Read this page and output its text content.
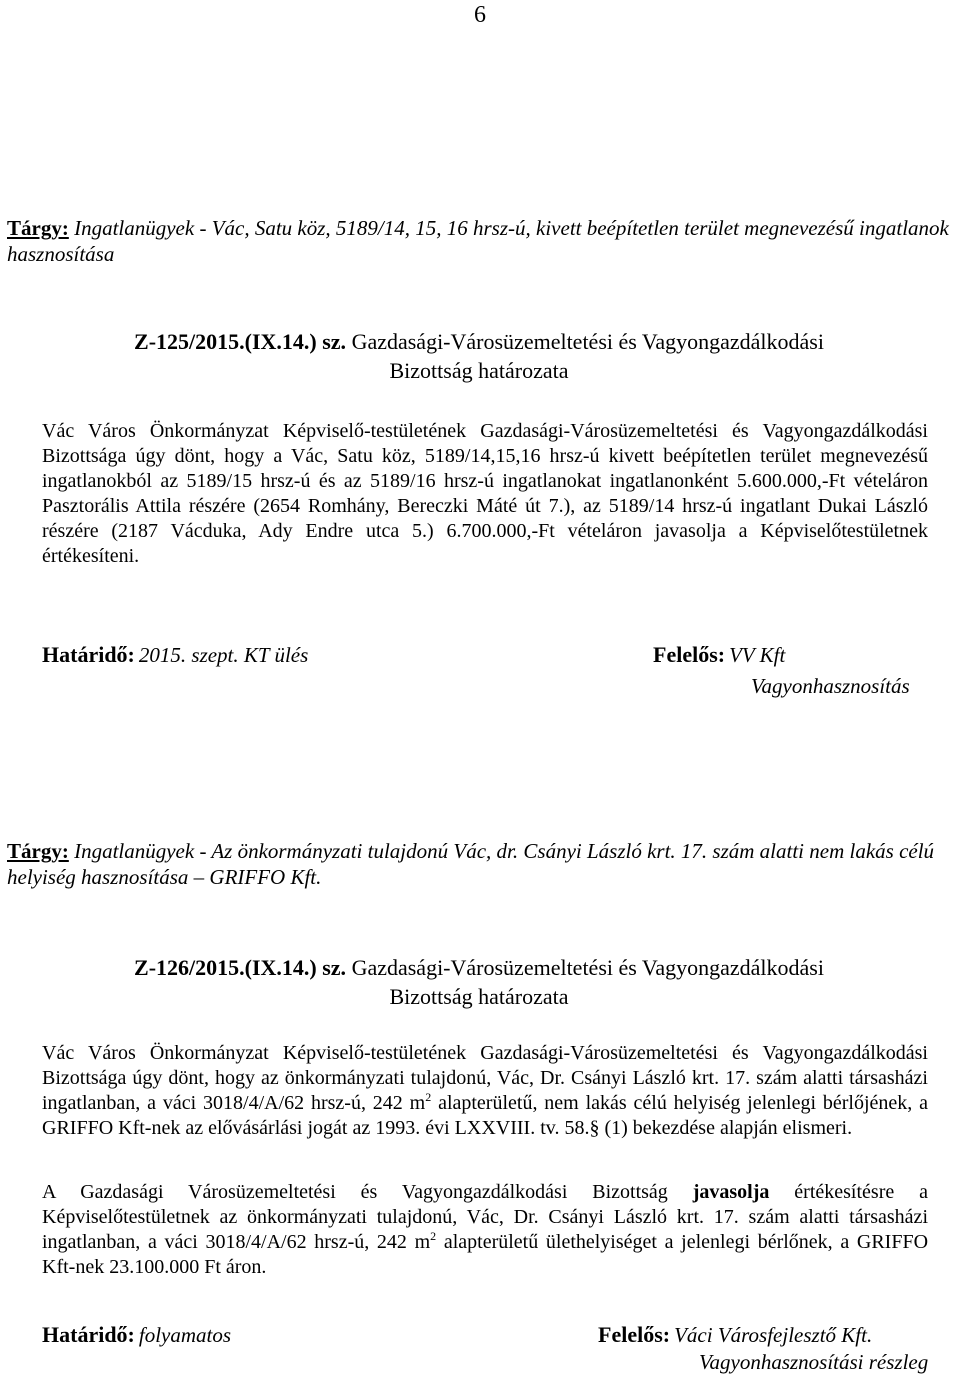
6
Tárgy: Ingatlanügyek - Vác, Satu köz, 5189/14, 15, 16 hrsz-ú, kivett beépítetlen terület megnevezésű ingatlanok hasznosítása
Z-125/2015.(IX.14.) sz. Gazdasági-Városüzemeltetési és Vagyongazdálkodási
Bizottság határozata
Vác Város Önkormányzat Képviselő-testületének Gazdasági-Városüzemeltetési és Vagyongazdálkodási Bizottsága úgy dönt, hogy a Vác, Satu köz, 5189/14,15,16 hrsz-ú kivett beépítetlen terület megnevezésű ingatlanokból az 5189/15 hrsz-ú és az 5189/16 hrsz-ú ingatlanokat ingatlanonként 5.600.000,-Ft vételáron Pasztorális Attila részére (2654 Romhány, Bereczki Máté út 7.), az 5189/14 hrsz-ú ingatlant Dukai László részére (2187 Vácduka, Ady Endre utca 5.) 6.700.000,-Ft vételáron javasolja a Képviselőtestületnek értékesíteni.
Határidő: 2015. szept. KT ülés	Felelős: VV Kft
Vagyonhasznosítás
Tárgy: Ingatlanügyek - Az önkormányzati tulajdonú Vác, dr. Csányi László krt. 17. szám alatti nem lakás célú helyiség hasznosítása – GRIFFO Kft.
Z-126/2015.(IX.14.) sz. Gazdasági-Városüzemeltetési és Vagyongazdálkodási
Bizottság határozata
Vác Város Önkormányzat Képviselő-testületének Gazdasági-Városüzemeltetési és Vagyongazdálkodási Bizottsága úgy dönt, hogy az önkormányzati tulajdonú, Vác, Dr. Csányi László krt. 17. szám alatti társasházi ingatlanban, a váci 3018/4/A/62 hrsz-ú, 242 $m^2$ alapterületű, nem lakás célú helyiség jelenlegi bérlőjének, a GRIFFO Kft-nek az elővásárlási jogát az 1993. évi LXXVIII. tv. 58.§ (1) bekezdése alapján elismeri.
A Gazdasági Városüzemeltetési és Vagyongazdálkodási Bizottság javasolja értékesítésre a Képviselőtestületnek az önkormányzati tulajdonú, Vác, Dr. Csányi László krt. 17. szám alatti társasházi ingatlanban, a váci 3018/4/A/62 hrsz-ú, 242 $m^2$ alapterületű ülethelyiséget a jelenlegi bérlőnek, a GRIFFO Kft-nek 23.100.000 Ft áron.
Határidő: folyamatos	Felelős: Váci Városfejlesztő Kft.
Vagyonhasznosítási részleg
